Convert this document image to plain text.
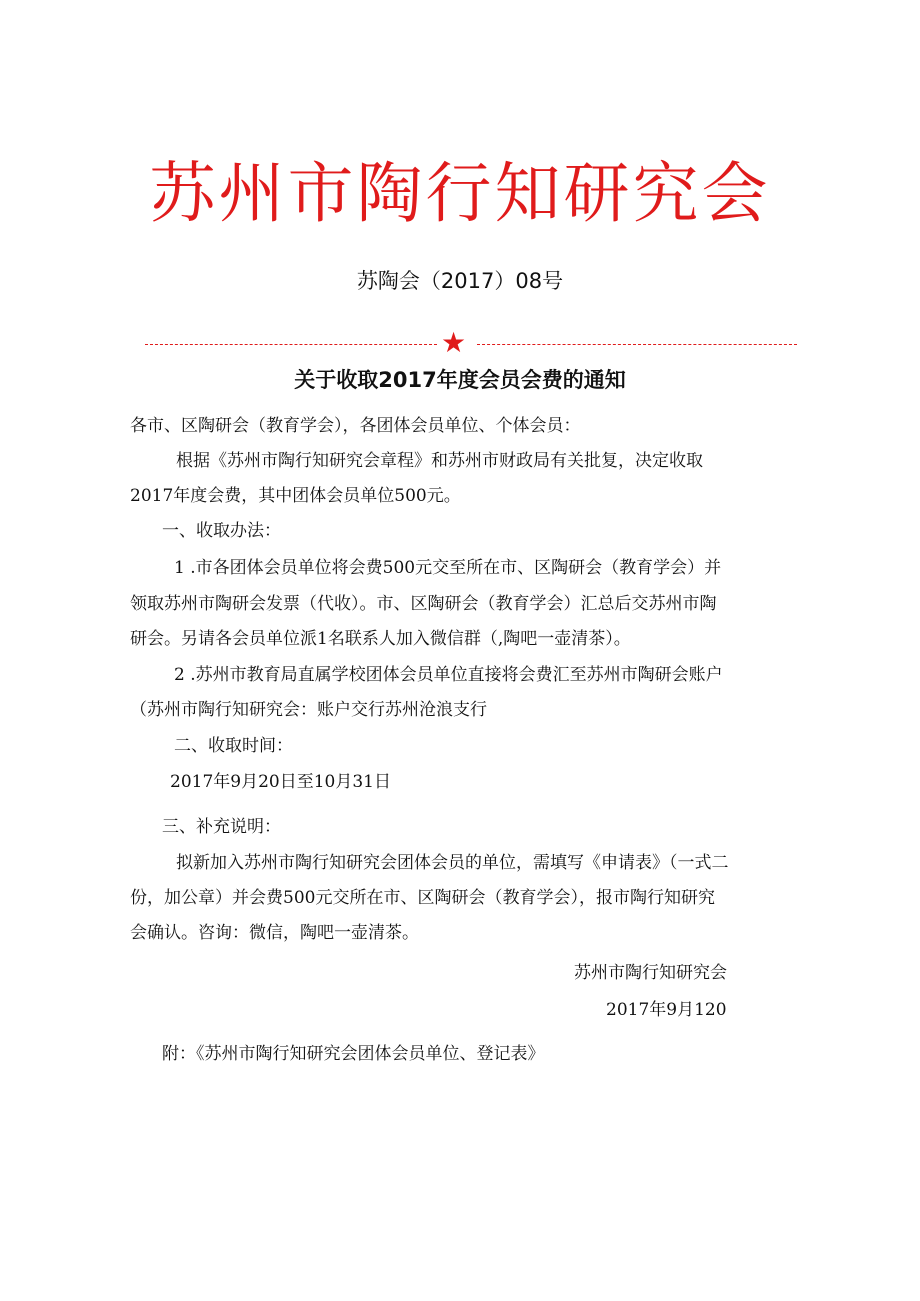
苏州市陶行知研究会
苏陶会（2017）08号
★
关于收取2017年度会员会费的通知
各市、区陶研会（教育学会），各团体会员单位、个体会员：
根据《苏州市陶行知研究会章程》和苏州市财政局有关批复，决定收取
2017年度会费，其中团体会员单位500元。
一、收取办法：
1 .市各团体会员单位将会费500元交至所在市、区陶研会（教育学会）并
领取苏州市陶研会发票（代收）。市、区陶研会（教育学会）汇总后交苏州市陶
研会。另请各会员单位派1名联系人加入微信群（,陶吧一壶清茶）。
2 .苏州市教育局直属学校团体会员单位直接将会费汇至苏州市陶研会账户
（苏州市陶行知研究会：账户交行苏州沧浪支行
二、收取时间：
2017年9月20日至10月31日
三、补充说明：
拟新加入苏州市陶行知研究会团体会员的单位，需填写《申请表》（一式二
份，加公章）并会费500元交所在市、区陶研会（教育学会），报市陶行知研究
会确认。咨询：微信，陶吧一壶清茶。
苏州市陶行知研究会
2017年9月120
附：《苏州市陶行知研究会团体会员单位、登记表》
